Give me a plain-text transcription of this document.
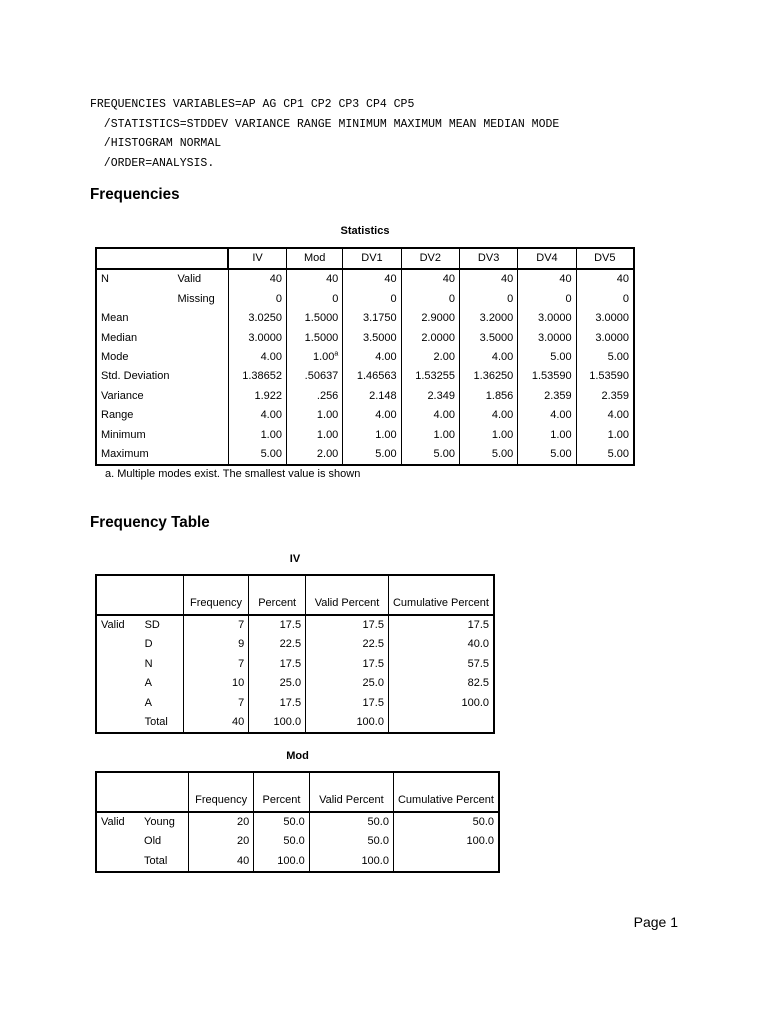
FREQUENCIES VARIABLES=AP AG CP1 CP2 CP3 CP4 CP5
/STATISTICS=STDDEV VARIANCE RANGE MINIMUM MAXIMUM MEAN MEDIAN MODE
/HISTOGRAM NORMAL
/ORDER=ANALYSIS.
Frequencies
Statistics
		IV	Mod	DV1	DV2	DV3	DV4	DV5
N	Valid	40	40	40	40	40	40	40
	Missing	0	0	0	0	0	0	0
Mean		3.0250	1.5000	3.1750	2.9000	3.2000	3.0000	3.0000
Median		3.0000	1.5000	3.5000	2.0000	3.5000	3.0000	3.0000
Mode		4.00	1.00$^a$	4.00	2.00	4.00	5.00	5.00
Std. Deviation		1.38652	.50637	1.46563	1.53255	1.36250	1.53590	1.53590
Variance		1.922	.256	2.148	2.349	1.856	2.359	2.359
Range		4.00	1.00	4.00	4.00	4.00	4.00	4.00
Minimum		1.00	1.00	1.00	1.00	1.00	1.00	1.00
Maximum		5.00	2.00	5.00	5.00	5.00	5.00	5.00
a. Multiple modes exist. The smallest value is shown
Frequency Table
IV
		Frequency	Percent	Valid Percent	Cumulative Percent
Valid	SD	7	17.5	17.5	17.5
	D	9	22.5	22.5	40.0
	N	7	17.5	17.5	57.5
	A	10	25.0	25.0	82.5
	A	7	17.5	17.5	100.0
	Total	40	100.0	100.0	
Mod
		Frequency	Percent	Valid Percent	Cumulative Percent
Valid	Young	20	50.0	50.0	50.0
	Old	20	50.0	50.0	100.0
	Total	40	100.0	100.0	
Page 1
